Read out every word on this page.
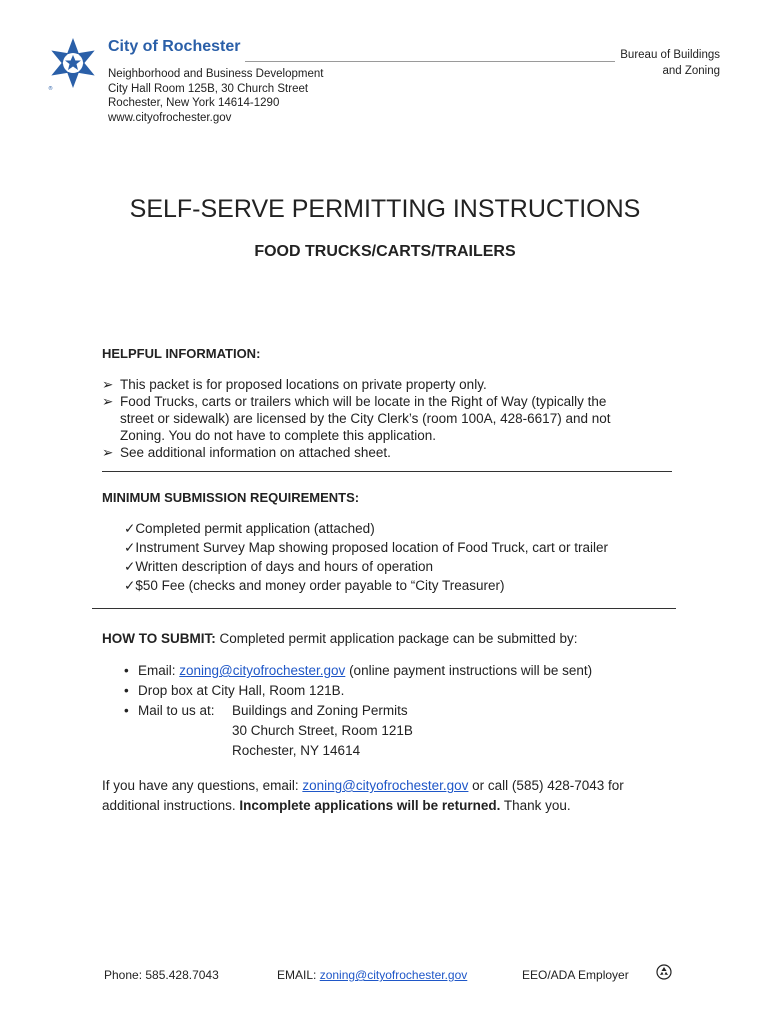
®
City of Rochester
Neighborhood and Business Development
City Hall Room 125B, 30 Church Street
Rochester, New York 14614-1290
www.cityofrochester.gov
Bureau of Buildings
and Zoning
SELF-SERVE PERMITTING INSTRUCTIONS
FOOD TRUCKS/CARTS/TRAILERS
HELPFUL INFORMATION:
➢ This packet is for proposed locations on private property only.
➢ Food Trucks, carts or trailers which will be locate in the Right of Way (typically the street or sidewalk) are licensed by the City Clerk’s (room 100A, 428-6617) and not Zoning. You do not have to complete this application.
➢ See additional information on attached sheet.
MINIMUM SUBMISSION REQUIREMENTS:
✓Completed permit application (attached)
✓Instrument Survey Map showing proposed location of Food Truck, cart or trailer
✓Written description of days and hours of operation
✓$50 Fee (checks and money order payable to “City Treasurer)
HOW TO SUBMIT: Completed permit application package can be submitted by:
• Email: zoning@cityofrochester.gov (online payment instructions will be sent)
• Drop box at City Hall, Room 121B.
• Mail to us at: Buildings and Zoning Permits
30 Church Street, Room 121B
Rochester, NY 14614
If you have any questions, email: zoning@cityofrochester.gov or call (585) 428-7043 for additional instructions. Incomplete applications will be returned. Thank you.
Phone: 585.428.7043	EMAIL: zoning@cityofrochester.gov	EEO/ADA Employer
